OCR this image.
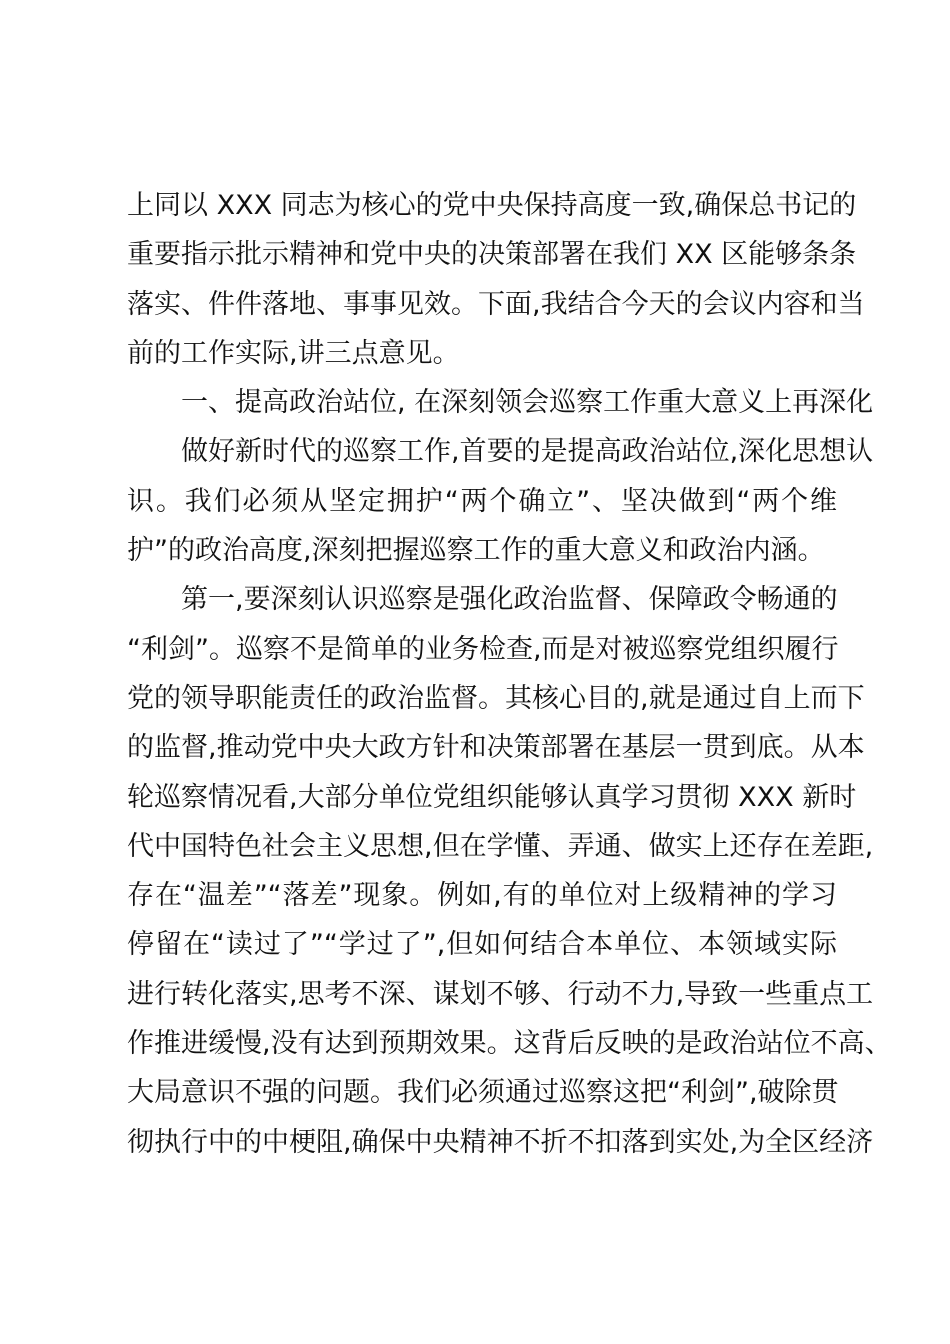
上同以 XXX 同志为核心的党中央保持高度一致,确保总书记的
重要指示批示精神和党中央的决策部署在我们 XX 区能够条条
落实、件件落地、事事见效。下面,我结合今天的会议内容和当
前的工作实际,讲三点意见。
一、提高政治站位, 在深刻领会巡察工作重大意义上再深化
做好新时代的巡察工作,首要的是提高政治站位,深化思想认
识。我们必须从坚定拥护“两个确立”、坚决做到“两个维
护”的政治高度,深刻把握巡察工作的重大意义和政治内涵。
第一,要深刻认识巡察是强化政治监督、保障政令畅通的
“利剑”。巡察不是简单的业务检查,而是对被巡察党组织履行
党的领导职能责任的政治监督。其核心目的,就是通过自上而下
的监督,推动党中央大政方针和决策部署在基层一贯到底。从本
轮巡察情况看,大部分单位党组织能够认真学习贯彻 XXX 新时
代中国特色社会主义思想,但在学懂、弄通、做实上还存在差距,
存在“温差”“落差”现象。例如,有的单位对上级精神的学习
停留在“读过了”“学过了”,但如何结合本单位、本领域实际
进行转化落实,思考不深、谋划不够、行动不力,导致一些重点工
作推进缓慢,没有达到预期效果。这背后反映的是政治站位不高、
大局意识不强的问题。我们必须通过巡察这把“利剑”,破除贯
彻执行中的中梗阻,确保中央精神不折不扣落到实处,为全区经济
